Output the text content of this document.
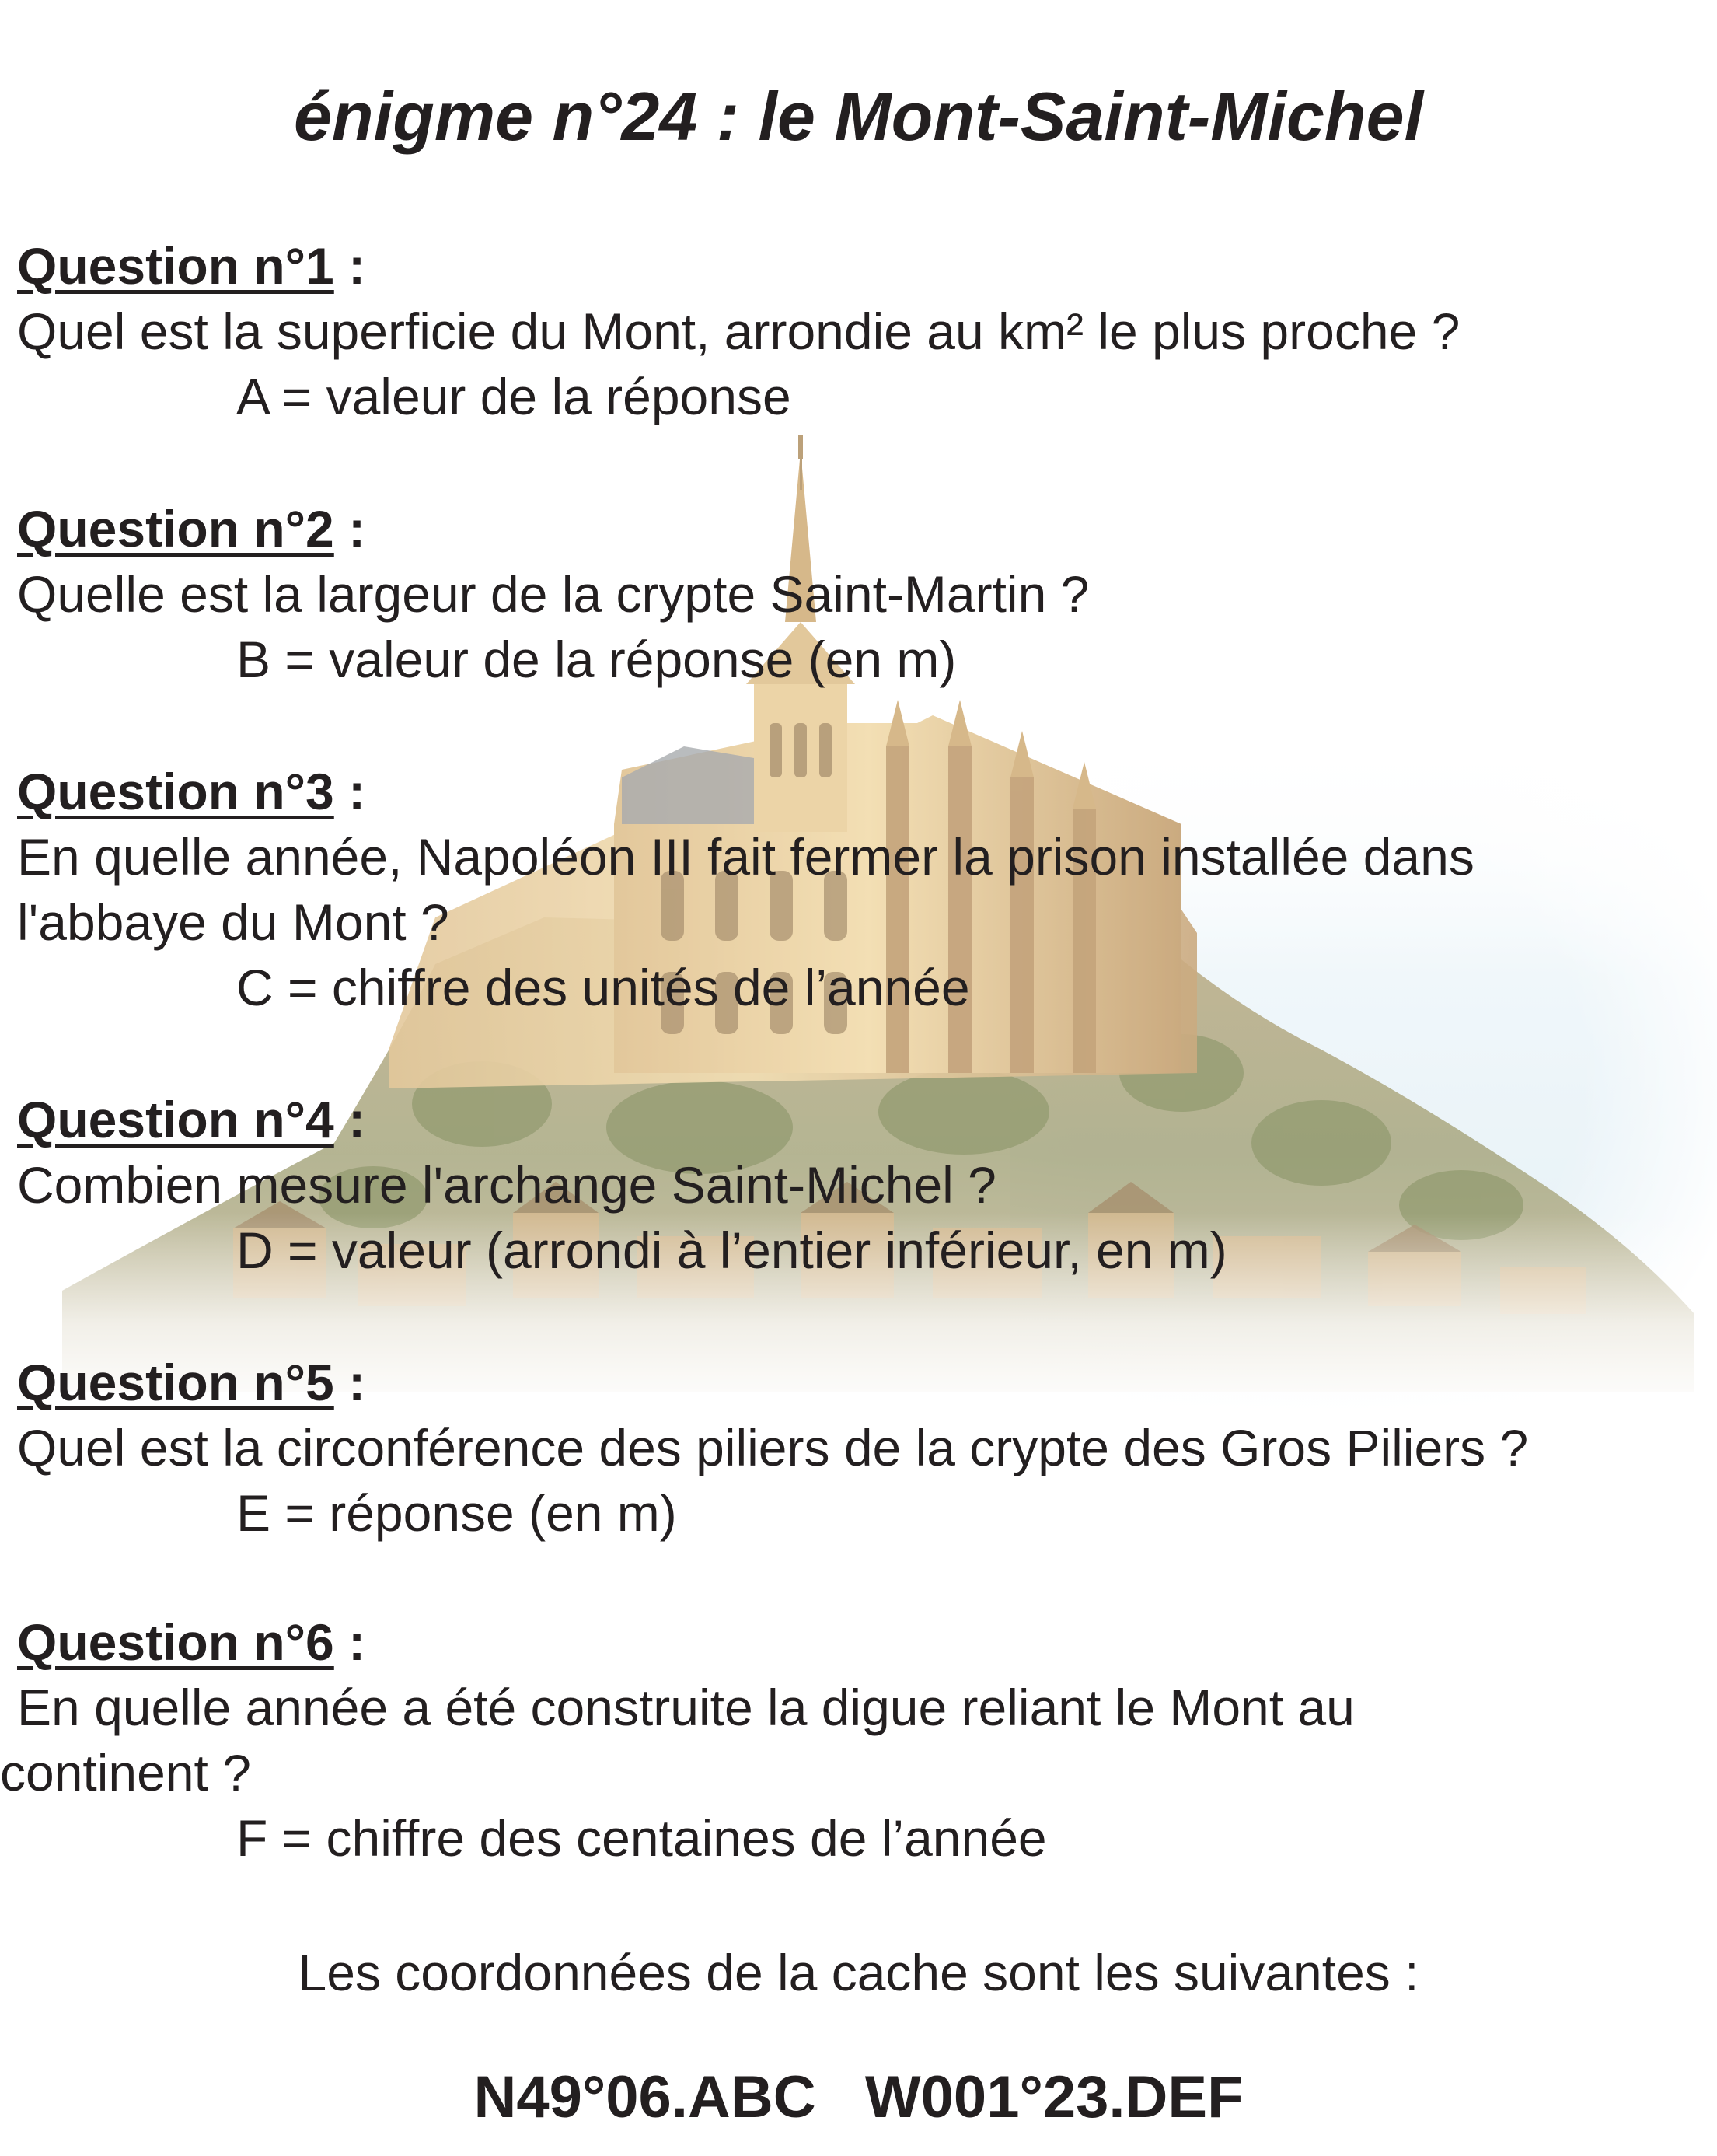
énigme n°24 : le Mont-Saint-Michel

Question n°1 :

Quel est la superficie du Mont, arrondie au km² le plus proche ?

A = valeur de la réponse

Question n°2 :

Quelle est la largeur de la crypte Saint-Martin ?

B = valeur de la réponse (en m)

Question n°3 :

En quelle année, Napoléon III fait fermer la prison installée dans

l'abbaye du Mont ?

C = chiffre des unités de l’année

Question n°4 :

Combien mesure l'archange Saint-Michel ?

D = valeur (arrondi à l’entier inférieur, en m)

Question n°5 :

Quel est la circonférence des piliers de la crypte des Gros Piliers ?

E = réponse (en m)

Question n°6 :

En quelle année a été construite la digue reliant le Mont au

continent ?

F = chiffre des centaines de l’année

Les coordonnées de la cache sont les suivantes :

N49°06.ABC   W001°23.DEF
